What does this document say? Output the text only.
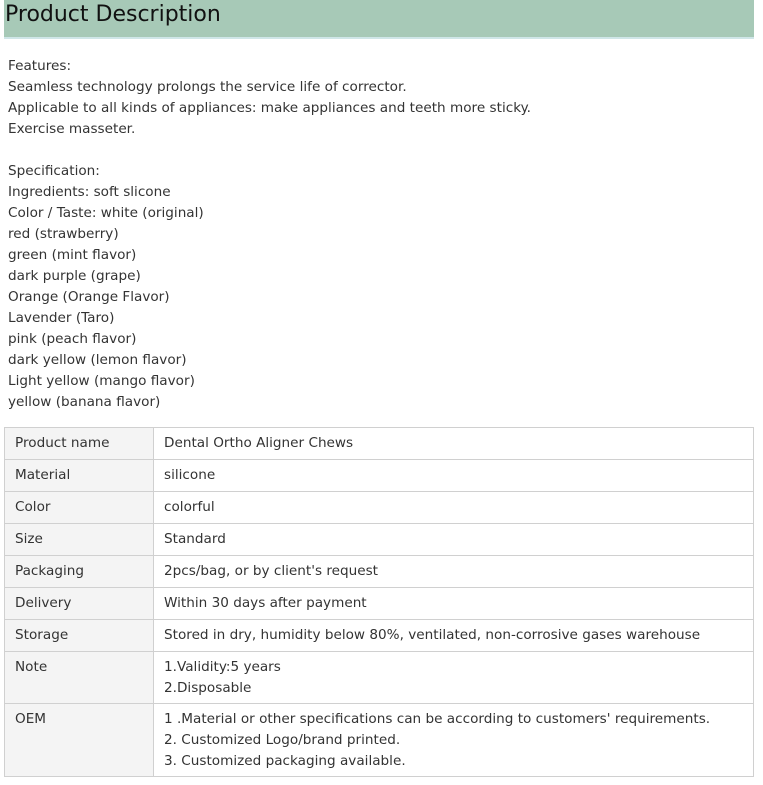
Product Description
Features:
Seamless technology prolongs the service life of corrector.
Applicable to all kinds of appliances: make appliances and teeth more sticky.
Exercise masseter.
Specification:
Ingredients: soft slicone
Color / Taste: white (original)
red (strawberry)
green (mint flavor)
dark purple (grape)
Orange (Orange Flavor)
Lavender (Taro)
pink (peach flavor)
dark yellow (lemon flavor)
Light yellow (mango flavor)
yellow (banana flavor)
Product name	Dental Ortho Aligner Chews

Material	silicone

Color	colorful

Size	Standard

Packaging	2pcs/bag, or by client's request

Delivery	Within 30 days after payment

Storage	Stored in dry, humidity below 80%, ventilated, non-corrosive gases warehouse

Note	1.Validity:5 years
2.Disposable

OEM	1 .Material or other specifications can be according to customers' requirements.
2. Customized Logo/brand printed.
3. Customized packaging available.
